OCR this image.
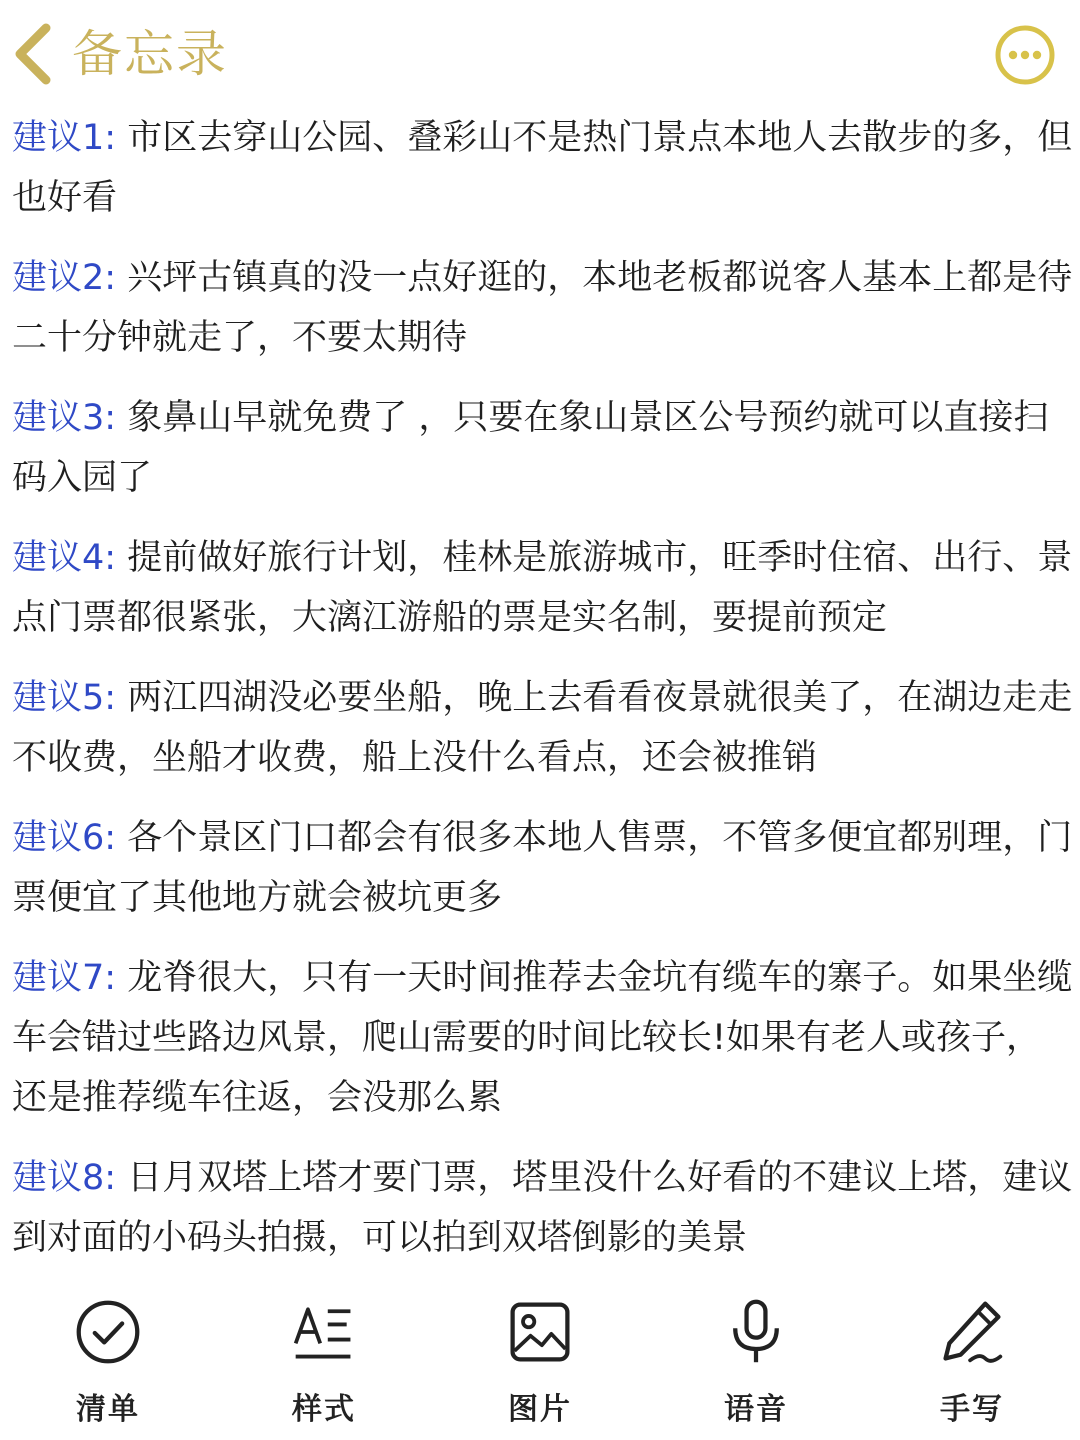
备忘录

建议1: 市区去穿山公园、叠彩山不是热门景点本地人去散步的多，但也好看

建议2: 兴坪古镇真的没一点好逛的，本地老板都说客人基本上都是待二十分钟就走了，不要太期待

建议3: 象鼻山早就免费了 ，只要在象山景区公号预约就可以直接扫码入园了

建议4: 提前做好旅行计划，桂林是旅游城市，旺季时住宿、出行、景点门票都很紧张，大漓江游船的票是实名制，要提前预定

建议5: 两江四湖没必要坐船，晚上去看看夜景就很美了，在湖边走走不收费，坐船才收费，船上没什么看点，还会被推销

建议6: 各个景区门口都会有很多本地人售票，不管多便宜都别理，门票便宜了其他地方就会被坑更多

建议7: 龙脊很大，只有一天时间推荐去金坑有缆车的寨子。如果坐缆车会错过些路边风景，爬山需要的时间比较长!如果有老人或孩子，还是推荐缆车往返，会没那么累

建议8: 日月双塔上塔才要门票，塔里没什么好看的不建议上塔，建议到对面的小码头拍摄，可以拍到双塔倒影的美景

清单	样式	图片	语音	手写
